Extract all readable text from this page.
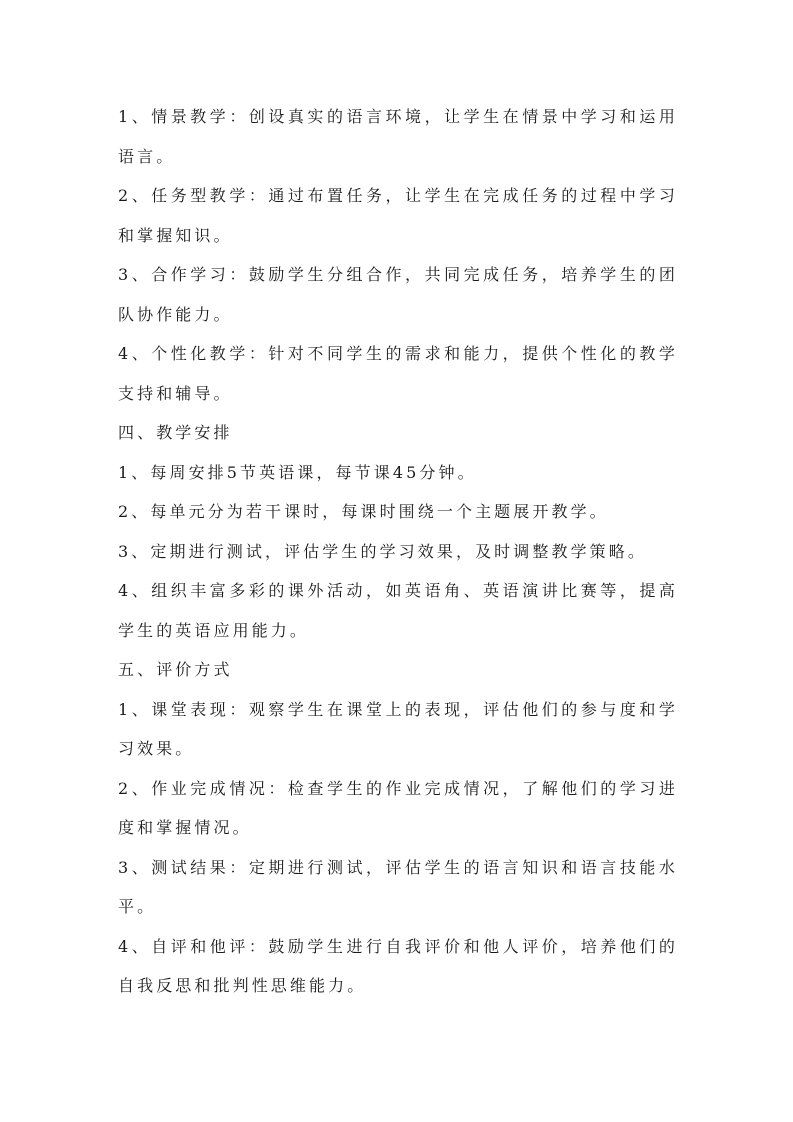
1、情景教学：创设真实的语言环境，让学生在情景中学习和运用语言。

2、任务型教学：通过布置任务，让学生在完成任务的过程中学习和掌握知识。

3、合作学习：鼓励学生分组合作，共同完成任务，培养学生的团队协作能力。

4、个性化教学：针对不同学生的需求和能力，提供个性化的教学支持和辅导。

四、教学安排

1、每周安排5节英语课，每节课45分钟。

2、每单元分为若干课时，每课时围绕一个主题展开教学。

3、定期进行测试，评估学生的学习效果，及时调整教学策略。

4、组织丰富多彩的课外活动，如英语角、英语演讲比赛等，提高学生的英语应用能力。

五、评价方式

1、课堂表现：观察学生在课堂上的表现，评估他们的参与度和学习效果。

2、作业完成情况：检查学生的作业完成情况，了解他们的学习进度和掌握情况。

3、测试结果：定期进行测试，评估学生的语言知识和语言技能水平。

4、自评和他评：鼓励学生进行自我评价和他人评价，培养他们的自我反思和批判性思维能力。
